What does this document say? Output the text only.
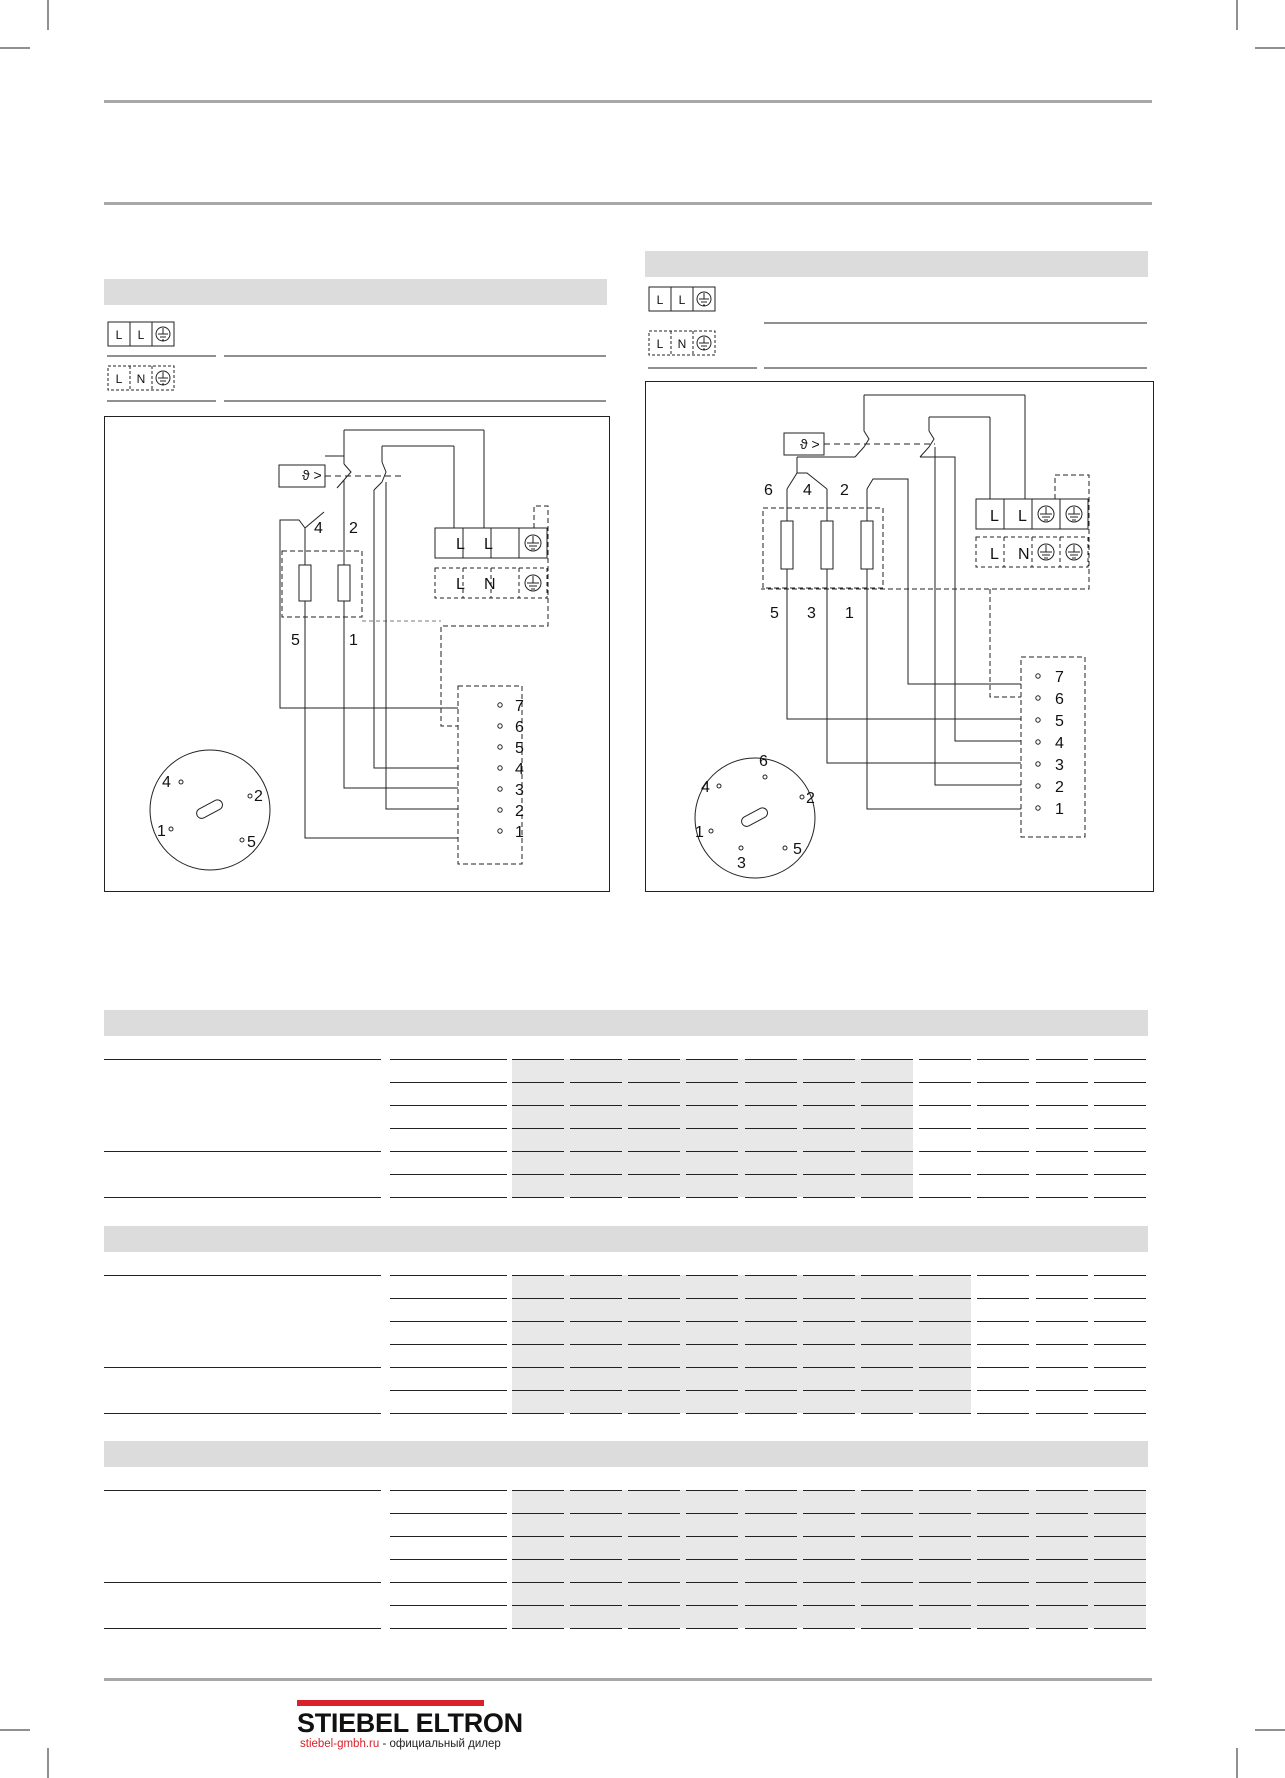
L L
L N
L L
L N
ϑ >
L L
L N
4 2
5	1
7
6
5
4
3
2
1
4
2
1
5
ϑ >
L L
L N
6 4 2
5 3 1
7
6
5
4
3
2
1
6
4
2
1
5
3
STIEBEL ELTRON
stiebel-gmbh.ru - официальный дилер
